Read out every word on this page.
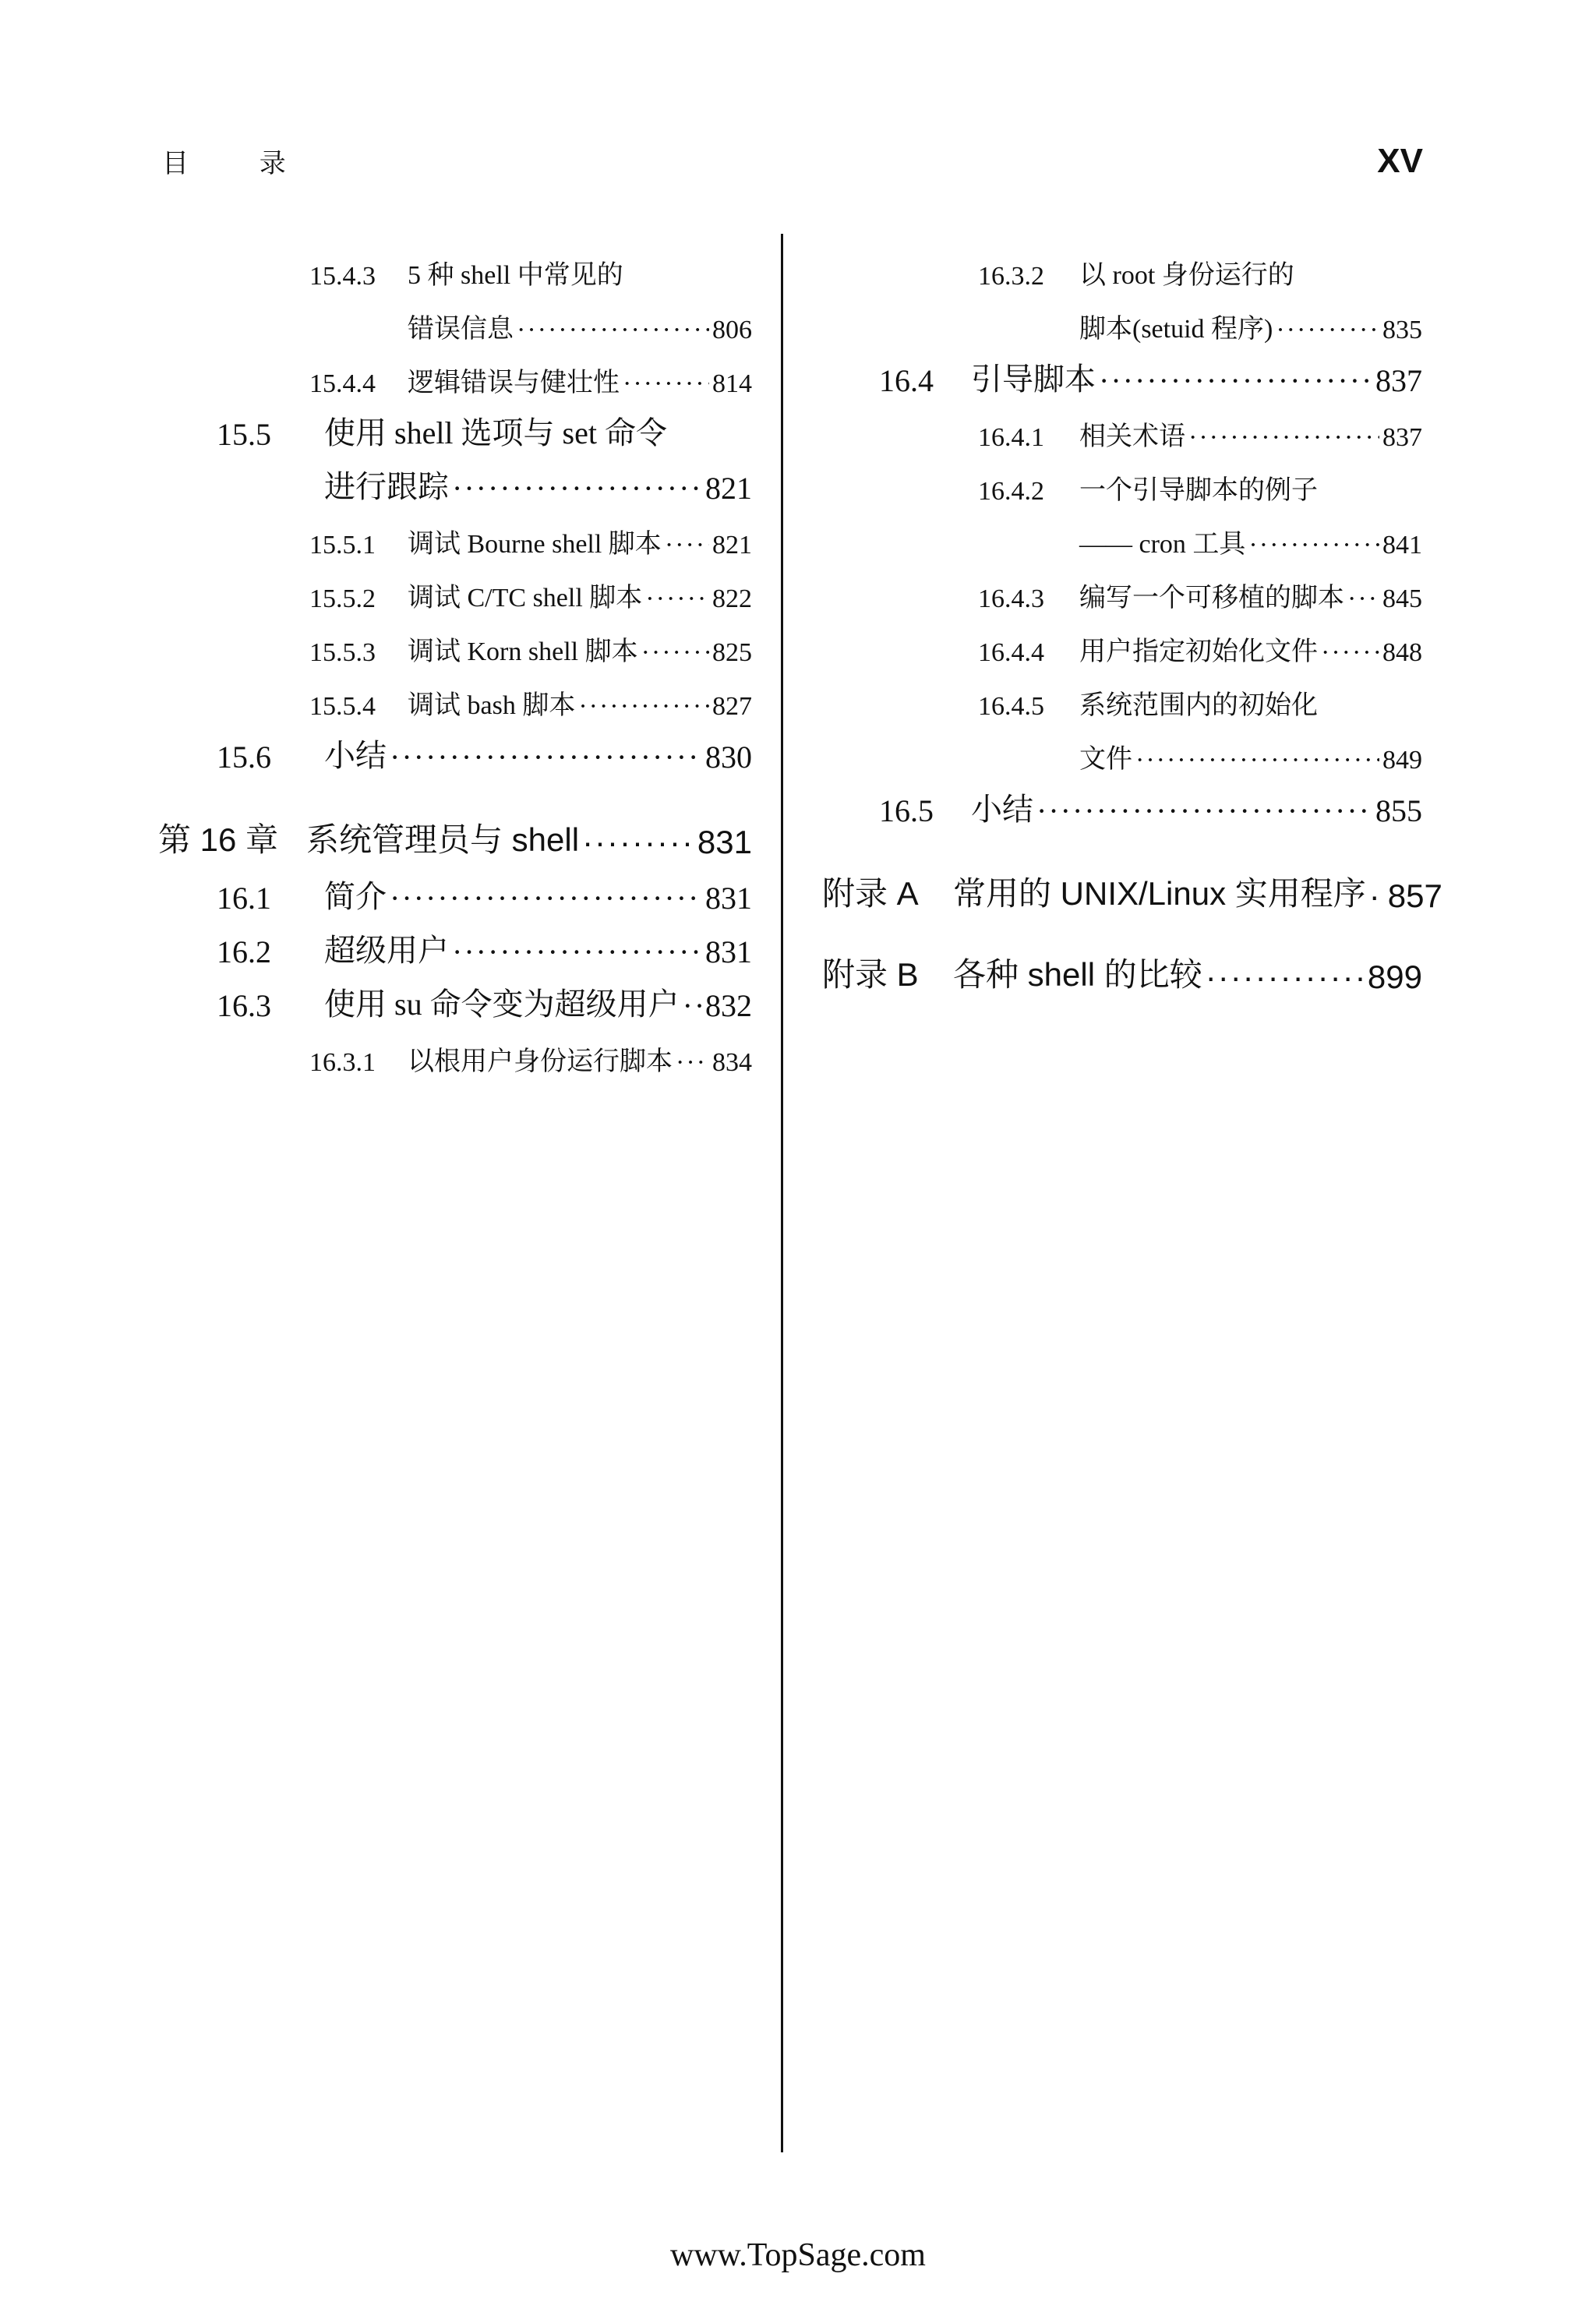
目 录	XV
15.4.3	5 种 shell 中常见的
错误信息 ·····	806
15.4.4	逻辑错误与健壮性 ·····	814
15.5	使用 shell 选项与 set 命令
进行跟踪 ·····	821
15.5.1	调试 Bourne shell 脚本 ····· 821
15.5.2	调试 C/TC shell 脚本 ·····	822
15.5.3	调试 Korn shell 脚本 ·····	825
15.5.4	调试 bash 脚本 ·····	827
15.6	小结 ·····	830
第 16 章 系统管理员与 shell ·····	831
16.1	简介 ·····	831
16.2	超级用户 ·····	831
16.3	使用 su 命令变为超级用户 ····· 832
16.3.1	以根用户身份运行脚本 ····· 834
16.3.2	以 root 身份运行的
脚本(setuid 程序) ·····	835
16.4	引导脚本 ·····	837
16.4.1	相关术语 ·····	837
16.4.2	一个引导脚本的例子
—— cron 工具 ·····	841
16.4.3	编写一个可移植的脚本 ····· 845
16.4.4	用户指定初始化文件 ····· 848
16.4.5	系统范围内的初始化
文件 ·····	849
16.5	小结 ·····	855
附录 A	常用的 UNIX/Linux 实用程序 ····· 857
附录 B	各种 shell 的比较 ·····	899
www.TopSage.com
